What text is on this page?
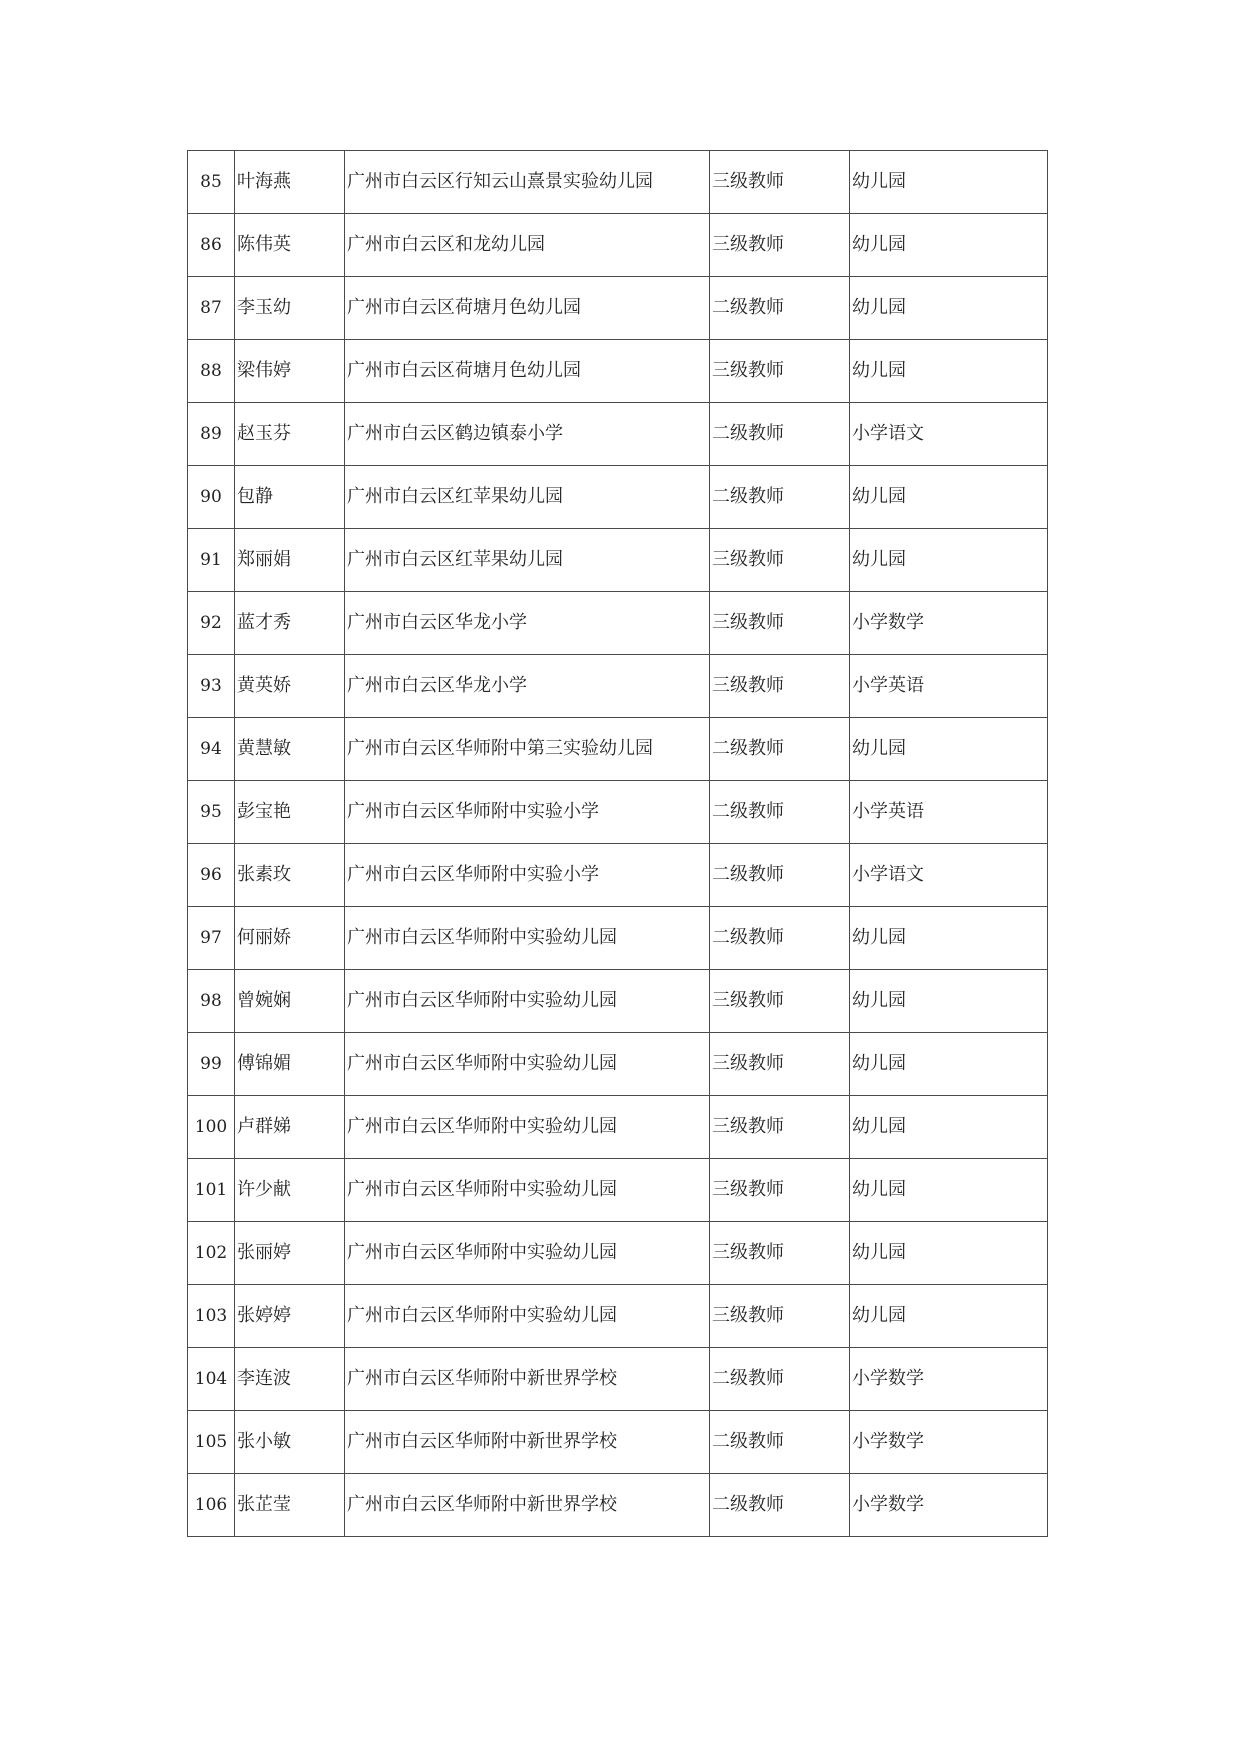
85	叶海燕	广州市白云区行知云山熹景实验幼儿园	三级教师	幼儿园
86	陈伟英	广州市白云区和龙幼儿园	三级教师	幼儿园
87	李玉幼	广州市白云区荷塘月色幼儿园	二级教师	幼儿园
88	梁伟婷	广州市白云区荷塘月色幼儿园	三级教师	幼儿园
89	赵玉芬	广州市白云区鹤边镇泰小学	二级教师	小学语文
90	包静	广州市白云区红苹果幼儿园	二级教师	幼儿园
91	郑丽娟	广州市白云区红苹果幼儿园	三级教师	幼儿园
92	蓝才秀	广州市白云区华龙小学	三级教师	小学数学
93	黄英娇	广州市白云区华龙小学	三级教师	小学英语
94	黄慧敏	广州市白云区华师附中第三实验幼儿园	二级教师	幼儿园
95	彭宝艳	广州市白云区华师附中实验小学	二级教师	小学英语
96	张素玫	广州市白云区华师附中实验小学	二级教师	小学语文
97	何丽娇	广州市白云区华师附中实验幼儿园	二级教师	幼儿园
98	曾婉娴	广州市白云区华师附中实验幼儿园	三级教师	幼儿园
99	傅锦媚	广州市白云区华师附中实验幼儿园	三级教师	幼儿园
100	卢群娣	广州市白云区华师附中实验幼儿园	三级教师	幼儿园
101	许少献	广州市白云区华师附中实验幼儿园	三级教师	幼儿园
102	张丽婷	广州市白云区华师附中实验幼儿园	三级教师	幼儿园
103	张婷婷	广州市白云区华师附中实验幼儿园	三级教师	幼儿园
104	李连波	广州市白云区华师附中新世界学校	二级教师	小学数学
105	张小敏	广州市白云区华师附中新世界学校	二级教师	小学数学
106	张芷莹	广州市白云区华师附中新世界学校	二级教师	小学数学
